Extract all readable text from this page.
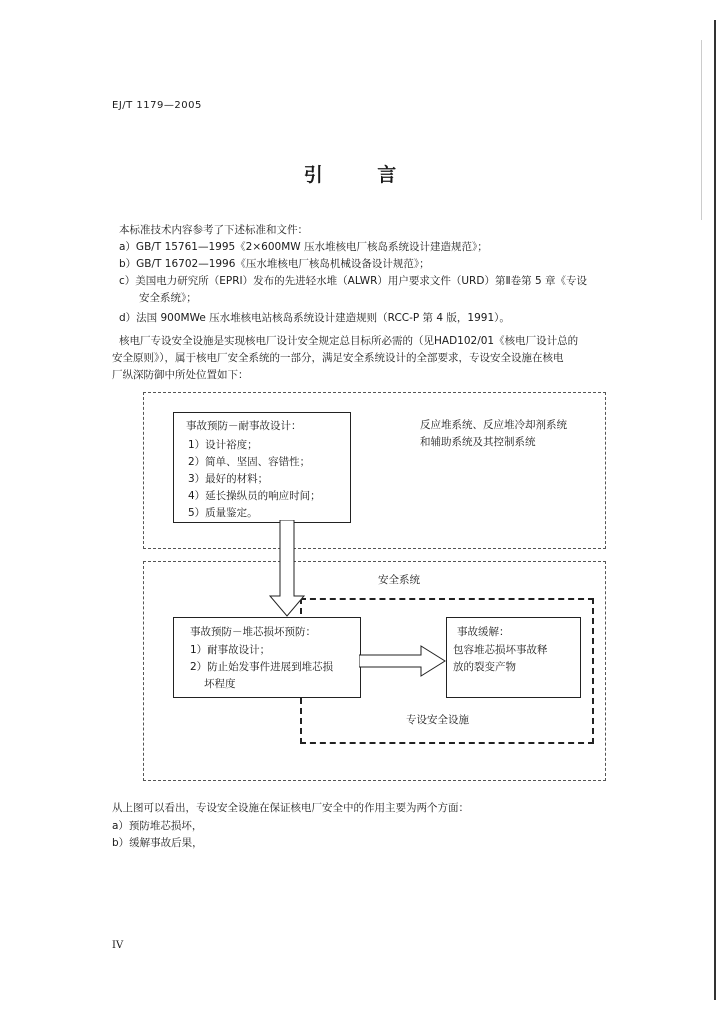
EJ/T 1179—2005
引 言
本标准技术内容参考了下述标准和文件：
a）GB/T 15761—1995《2×600MW 压水堆核电厂核岛系统设计建造规范》；
b）GB/T 16702—1996《压水堆核电厂核岛机械设备设计规范》；
c）美国电力研究所（EPRI）发布的先进轻水堆（ALWR）用户要求文件（URD）第Ⅱ卷第 5 章《专设
安全系统》；
d）法国 900MWe 压水堆核电站核岛系统设计建造规则（RCC-P 第 4 版，1991）。
核电厂专设安全设施是实现核电厂设计安全规定总目标所必需的（见HAD102/01《核电厂设计总的
安全原则》），属于核电厂安全系统的一部分，满足安全系统设计的全部要求，专设安全设施在核电
厂纵深防御中所处位置如下：
事故预防－耐事故设计：
1）设计裕度；
2）简单、坚固、容错性；
3）最好的材料；
4）延长操纵员的响应时间；
5）质量鉴定。
反应堆系统、反应堆冷却剂系统
和辅助系统及其控制系统
安全系统
事故预防－堆芯损坏预防：
1）耐事故设计；
2）防止始发事件进展到堆芯损
坏程度
事故缓解：
包容堆芯损坏事故释
放的裂变产物
专设安全设施
从上图可以看出，专设安全设施在保证核电厂安全中的作用主要为两个方面：
a）预防堆芯损坏，
b）缓解事故后果，
IV
